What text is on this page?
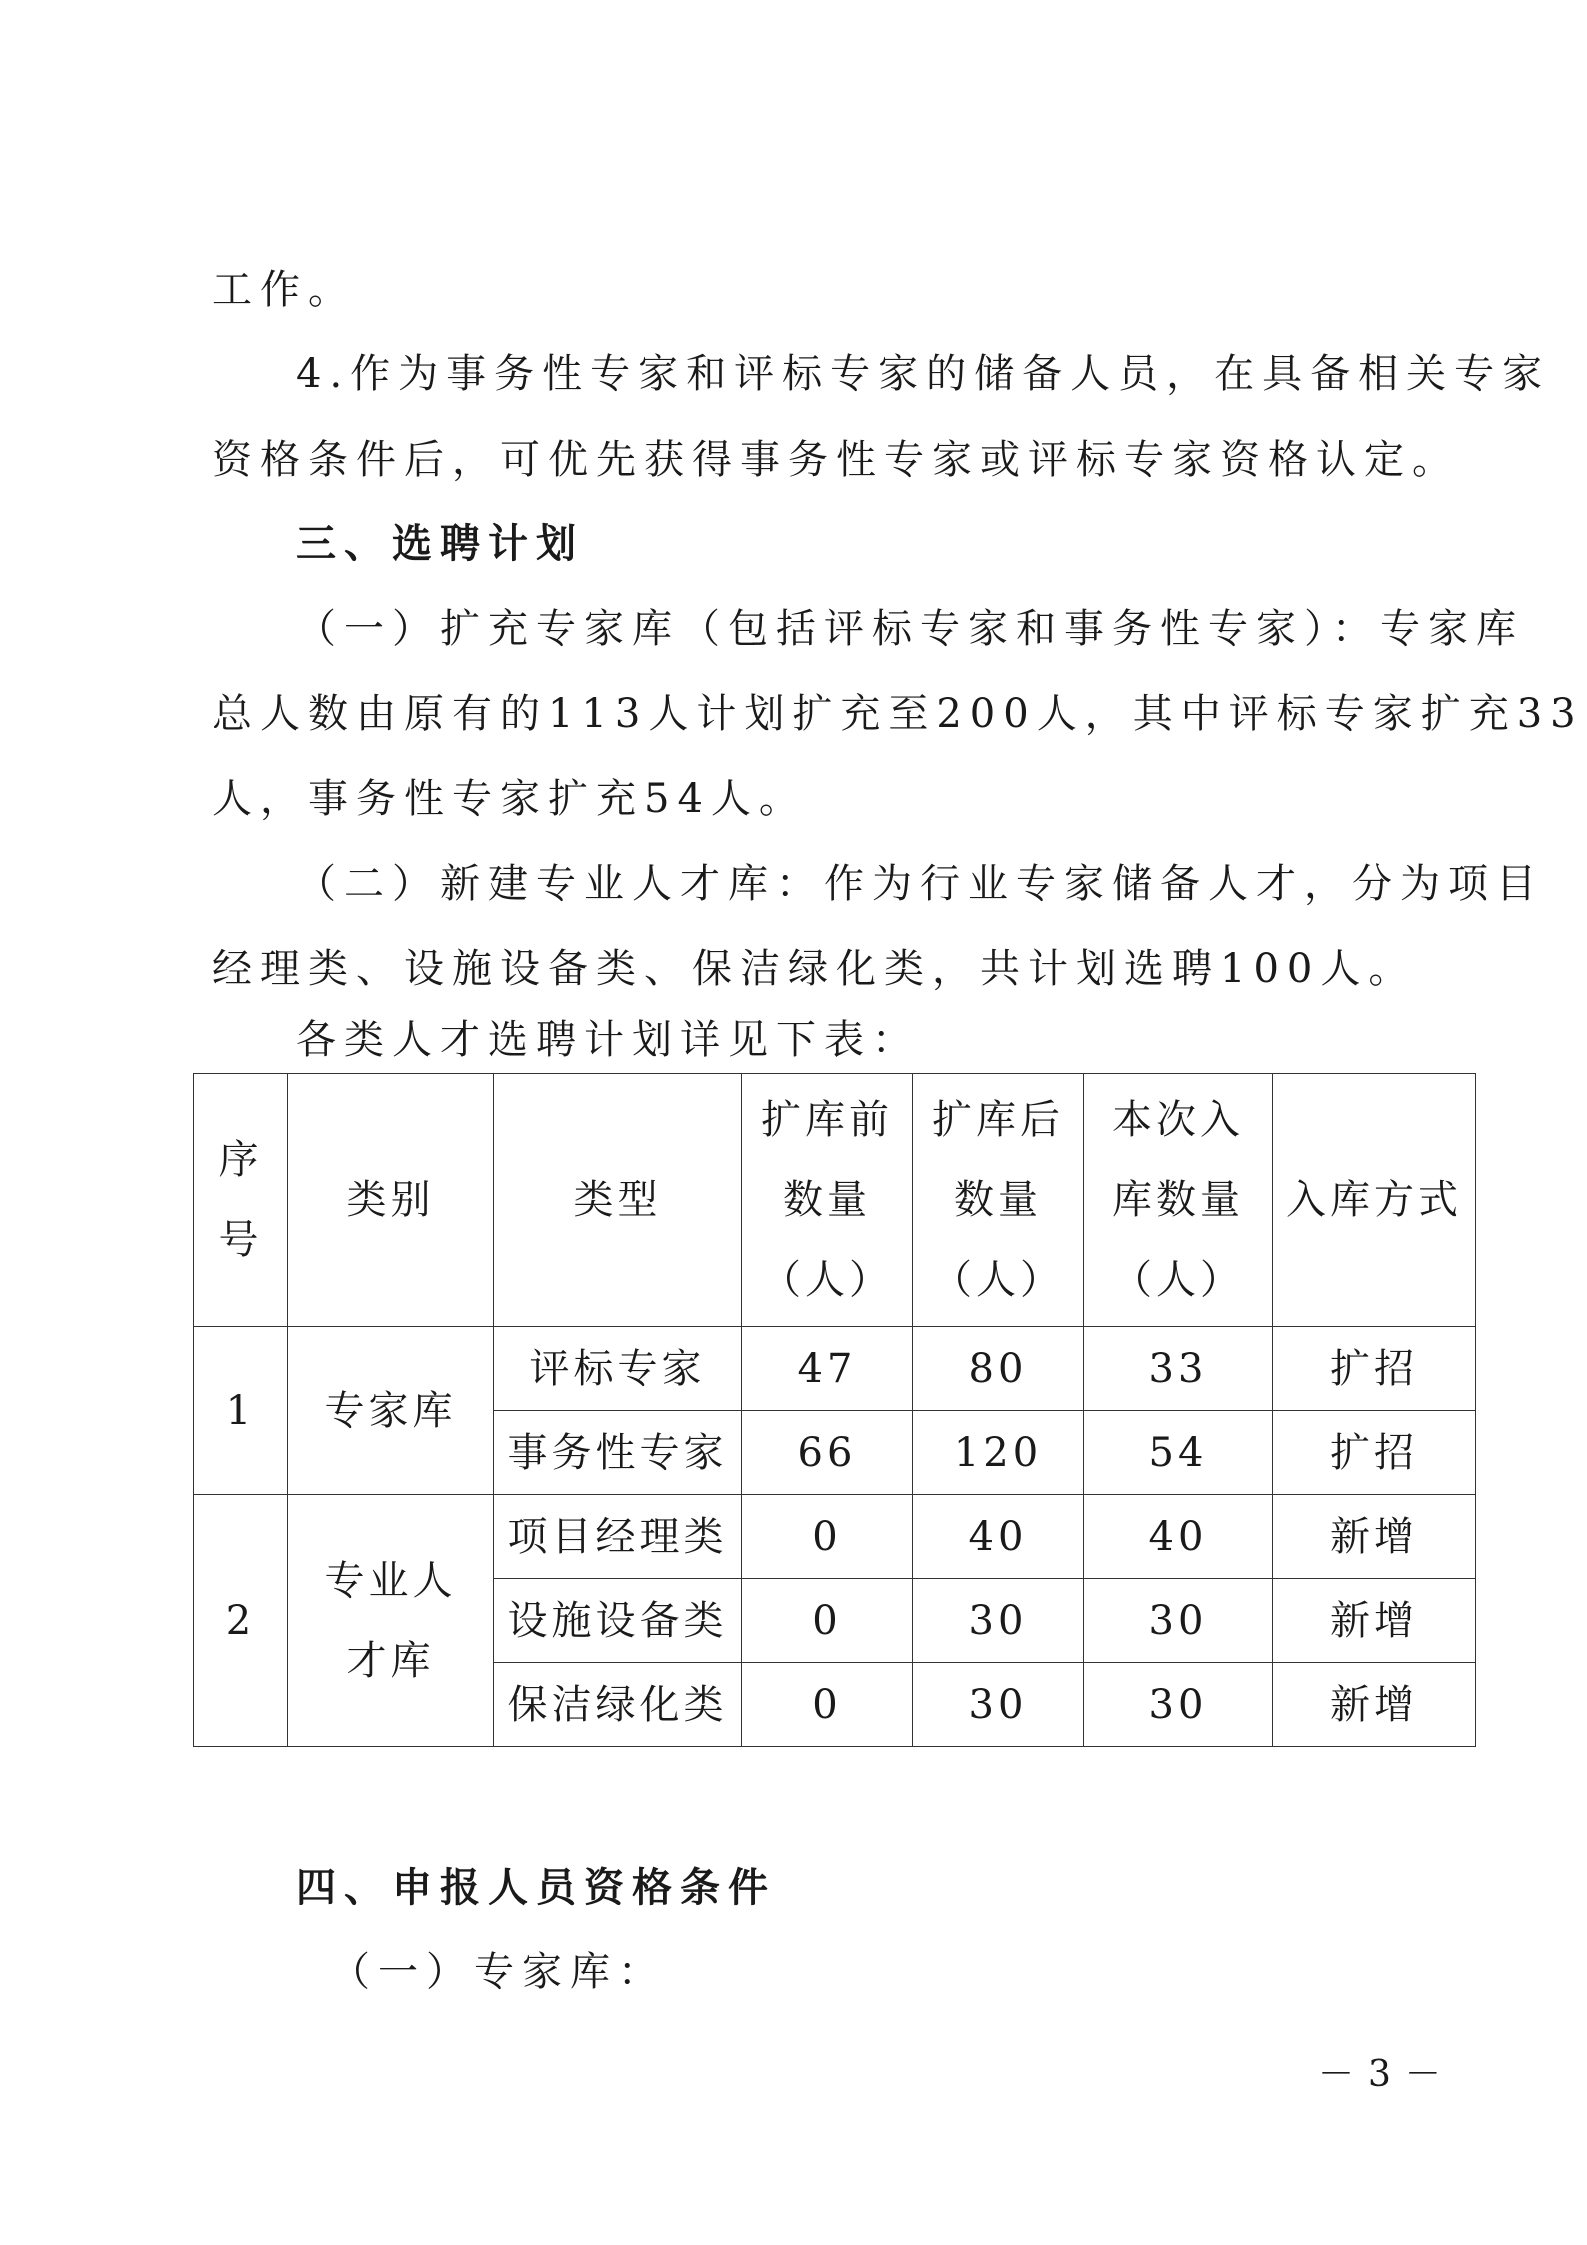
工作。
4.作为事务性专家和评标专家的储备人员，在具备相关专家
资格条件后，可优先获得事务性专家或评标专家资格认定。
三、选聘计划
（一）扩充专家库（包括评标专家和事务性专家）：专家库
总人数由原有的113人计划扩充至200人，其中评标专家扩充33
人，事务性专家扩充54人。
（二）新建专业人才库：作为行业专家储备人才，分为项目
经理类、设施设备类、保洁绿化类，共计划选聘100人。
各类人才选聘计划详见下表：
序
号	类别	类型	扩库前
数量
（人）	扩库后
数量
（人）	本次入
库数量
（人）	入库方式
1	专家库	评标专家	47	80	33	扩招
		事务性专家	66	120	54	扩招
2	专业人
才库	项目经理类	0	40	40	新增
		设施设备类	0	30	30	新增
		保洁绿化类	0	30	30	新增
四、申报人员资格条件
（一）专家库：
－3－
